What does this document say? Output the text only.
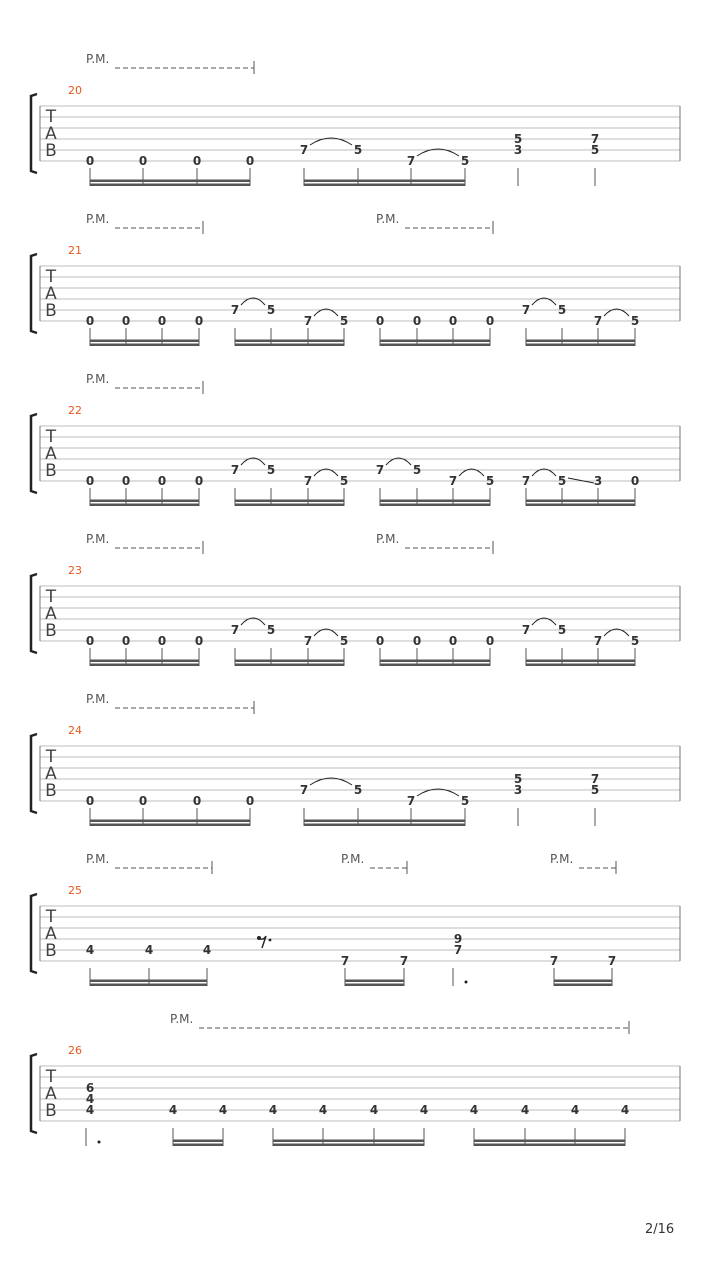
T
A
B
20
P.M.
0	0	0	0
7	5
7	5
5
3
7
5
T
A
B
21
P.M.	P.M.
0 0 0 0
7 5
7 5 0 0 0 0
7 5
7 5
T
A
B
22
P.M.
0 0 0 0
7 5
7 5
7 5
7 5 7 5 3 0
T
A
B
23
P.M.	P.M.
0 0 0 0
7 5
7 5 0 0 0 0
7 5
7 5
T
A
B
24
P.M.
0	0	0	0
7	5
7	5
5
3
7
5
T
A
B
25
P.M.	P.M.	P.M.
4	4	4
7	7
9
7
7	7
T
A
B
26
P.M.
6
4
4	4	4	4	4	4	4	4	4	4	4
2/16
